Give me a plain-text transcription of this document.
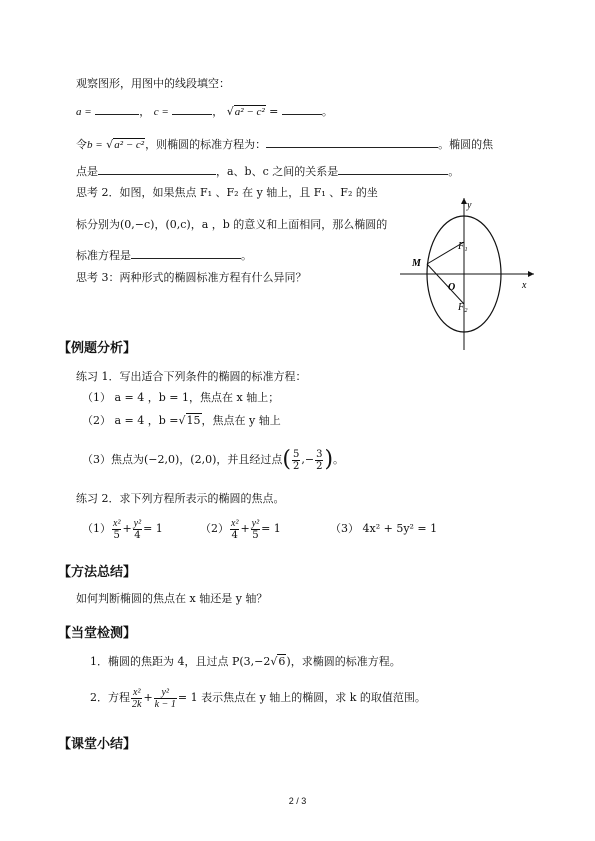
观察图形，用图中的线段填空：
a =	， c =	， √a² − c² =	。
令b = √a² − c²，则椭圆的标准方程为：	。椭圆的焦
点是	，a、b、c 之间的关系是	。
思考 2．如图，如果焦点 F₁ 、F₂ 在 y 轴上，且 F₁ 、F₂ 的坐
标分别为(0,−c)，(0,c)，a ，b 的意义和上面相同，那么椭圆的
标准方程是	。
思考 3：两种形式的椭圆标准方程有什么异同？
y
x
M
O
F₁
F₂
【例题分析】
练习 1．写出适合下列条件的椭圆的标准方程：
（1） a = 4 ，b = 1，焦点在 x 轴上；
（2） a = 4 ，b =√15，焦点在 y 轴上
（3）焦点为(−2,0)，(2,0)，并且经过点( $\frac{5}{2}$ ,− $\frac{3}{2}$ )。
练习 2．求下列方程所表示的椭圆的焦点。
$(1) \frac{\text{x²}}{5} + \frac{\text{y²}}{4} = 1$	$(2) \frac{\text{x²}}{4} + \frac{\text{y²}}{5} = 1$	（3） 4x² + 5y² = 1
【方法总结】
如何判断椭圆的焦点在 x 轴还是 y 轴？
【当堂检测】
1．椭圆的焦距为 4，且过点 P(3,−2√6)，求椭圆的标准方程。
2．方程 $\frac{\text{x²}}{2k} + \frac{\text{y²}}{k - 1} = 1$ 表示焦点在 y 轴上的椭圆，求 k 的取值范围。
【课堂小结】
2 / 3
